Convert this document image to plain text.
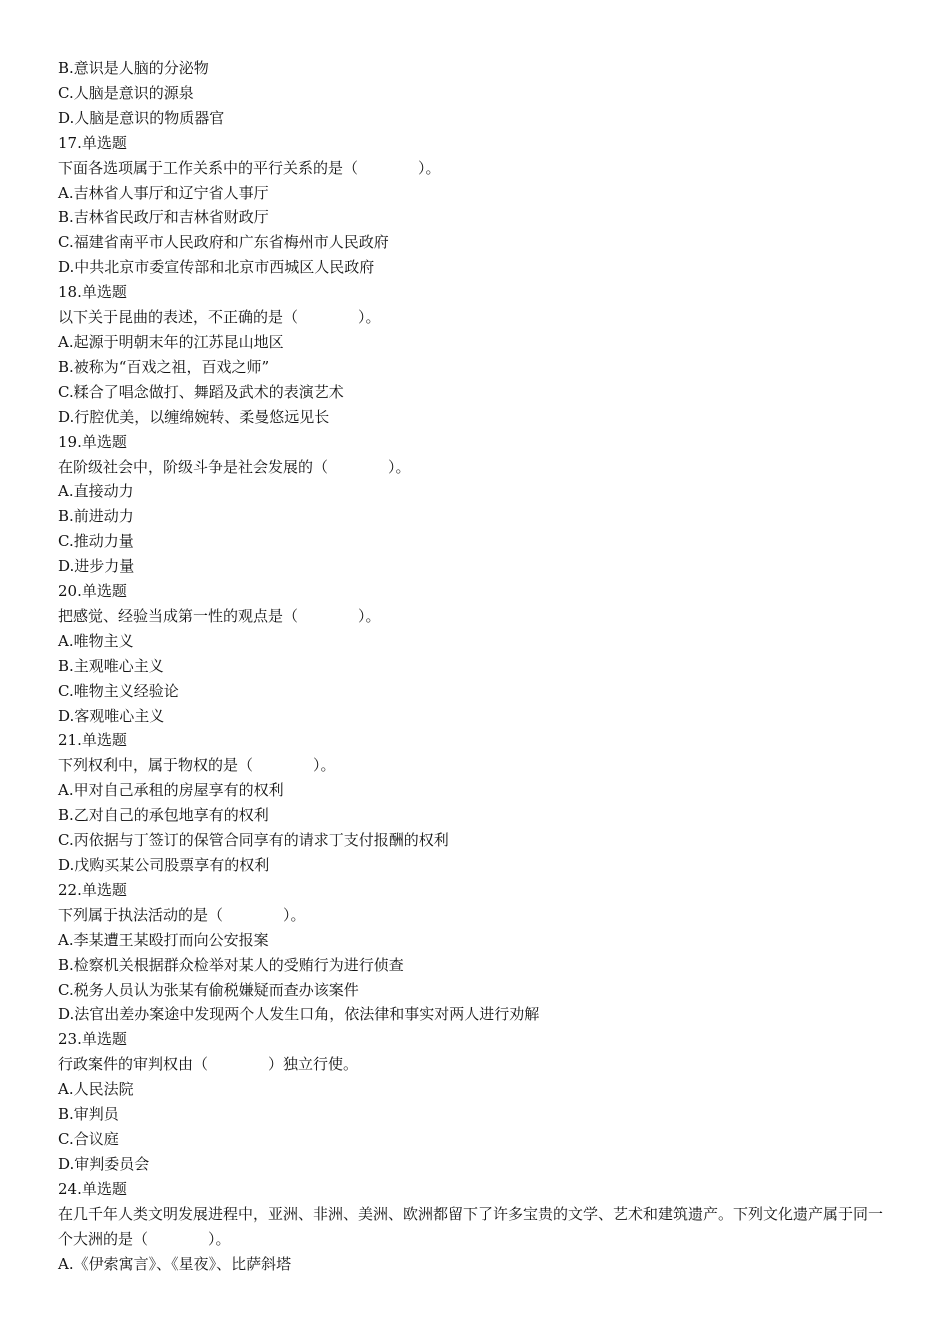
B.意识是人脑的分泌物
C.人脑是意识的源泉
D.人脑是意识的物质器官
17.单选题
下面各选项属于工作关系中的平行关系的是（　　　　）。
A.吉林省人事厅和辽宁省人事厅
B.吉林省民政厅和吉林省财政厅
C.福建省南平市人民政府和广东省梅州市人民政府
D.中共北京市委宣传部和北京市西城区人民政府
18.单选题
以下关于昆曲的表述，不正确的是（　　　　）。
A.起源于明朝末年的江苏昆山地区
B.被称为“百戏之祖，百戏之师”
C.糅合了唱念做打、舞蹈及武术的表演艺术
D.行腔优美，以缠绵婉转、柔曼悠远见长
19.单选题
在阶级社会中，阶级斗争是社会发展的（　　　　）。
A.直接动力
B.前进动力
C.推动力量
D.进步力量
20.单选题
把感觉、经验当成第一性的观点是（　　　　）。
A.唯物主义
B.主观唯心主义
C.唯物主义经验论
D.客观唯心主义
21.单选题
下列权利中，属于物权的是（　　　　）。
A.甲对自己承租的房屋享有的权利
B.乙对自己的承包地享有的权利
C.丙依据与丁签订的保管合同享有的请求丁支付报酬的权利
D.戊购买某公司股票享有的权利
22.单选题
下列属于执法活动的是（　　　　）。
A.李某遭王某殴打而向公安报案
B.检察机关根据群众检举对某人的受贿行为进行侦查
C.税务人员认为张某有偷税嫌疑而查办该案件
D.法官出差办案途中发现两个人发生口角，依法律和事实对两人进行劝解
23.单选题
行政案件的审判权由（　　　　）独立行使。
A.人民法院
B.审判员
C.合议庭
D.审判委员会
24.单选题
在几千年人类文明发展进程中，亚洲、非洲、美洲、欧洲都留下了许多宝贵的文学、艺术和建筑遗产。下列文化遗产属于同一个大洲的是（　　　　）。
A.《伊索寓言》、《星夜》、比萨斜塔
